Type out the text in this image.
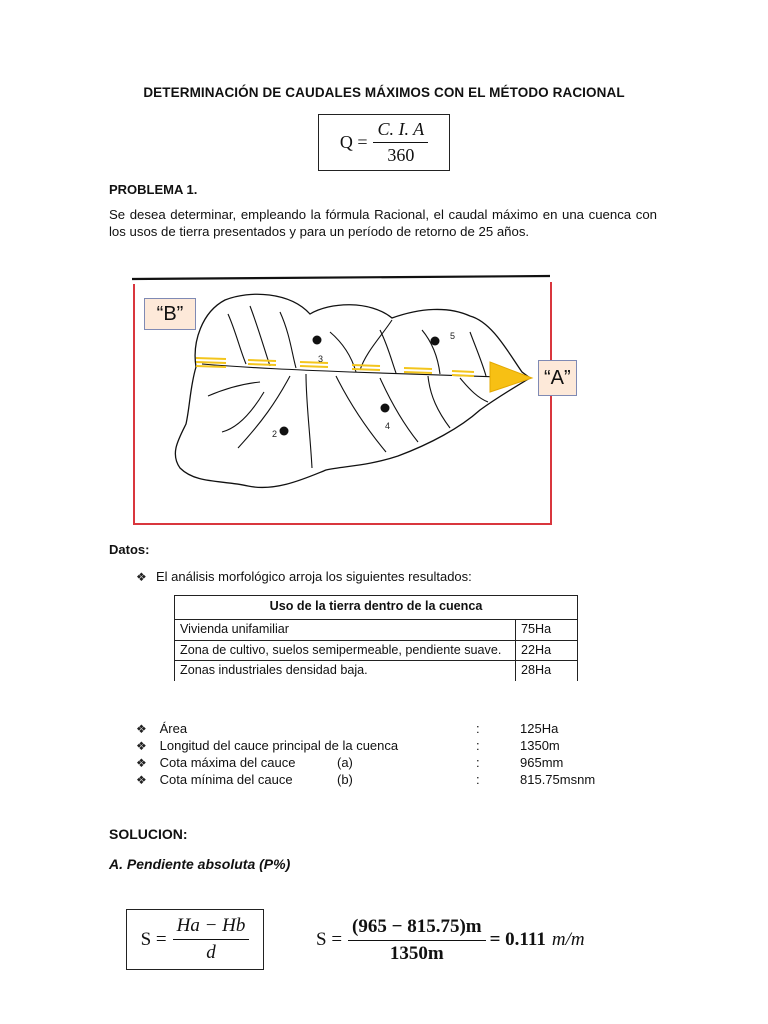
DETERMINACIÓN DE CAUDALES MÁXIMOS CON EL MÉTODO RACIONAL
$Q = \frac{C. I. A}{360}$
PROBLEMA 1.
Se desea determinar, empleando la fórmula Racional, el caudal máximo en una cuenca con los usos de tierra presentados y para un período de retorno de 25 años.
2
3
4
5
“B”
“A”
Datos:
❖ El análisis morfológico arroja los siguientes resultados:
Uso de la tierra dentro de la cuenca	
Vivienda unifamiliar	75Ha
Zona de cultivo, suelos semipermeable, pendiente suave.	22Ha
Zonas industriales densidad baja.	28Ha
❖ Área	:	125Ha
❖ Longitud del cauce principal de la cuenca	:	1350m
❖ Cota máxima del cauce	(a)	:	965mm
❖ Cota mínima del cauce	(b)	:	815.75msnm
SOLUCION:
A. Pendiente absoluta (P%)
$S = \frac{Ha - Hb}{d}$	$S = \frac{(965 - 815.75)m}{1350m} = 0.111$ m/m
